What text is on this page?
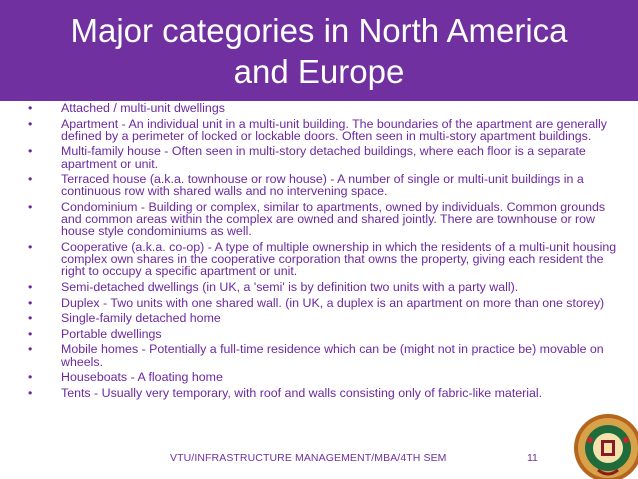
Major categories in North America
and Europe
• Attached / multi-unit dwellings
• Apartment - An individual unit in a multi-unit building. The boundaries of the apartment are generally defined by a perimeter of locked or lockable doors. Often seen in multi-story apartment buildings.
• Multi-family house - Often seen in multi-story detached buildings, where each floor is a separate apartment or unit.
• Terraced house (a.k.a. townhouse or row house) - A number of single or multi-unit buildings in a continuous row with shared walls and no intervening space.
• Condominium - Building or complex, similar to apartments, owned by individuals. Common grounds and common areas within the complex are owned and shared jointly. There are townhouse or row house style condominiums as well.
• Cooperative (a.k.a. co-op) - A type of multiple ownership in which the residents of a multi-unit housing complex own shares in the cooperative corporation that owns the property, giving each resident the right to occupy a specific apartment or unit.
• Semi-detached dwellings (in UK, a 'semi' is by definition two units with a party wall).
• Duplex - Two units with one shared wall. (in UK, a duplex is an apartment on more than one storey)
• Single-family detached home
• Portable dwellings
• Mobile homes - Potentially a full-time residence which can be (might not in practice be) movable on wheels.
• Houseboats - A floating home
• Tents - Usually very temporary, with roof and walls consisting only of fabric-like material.
VTU/INFRASTRUCTURE MANAGEMENT/MBA/4TH SEM	11
